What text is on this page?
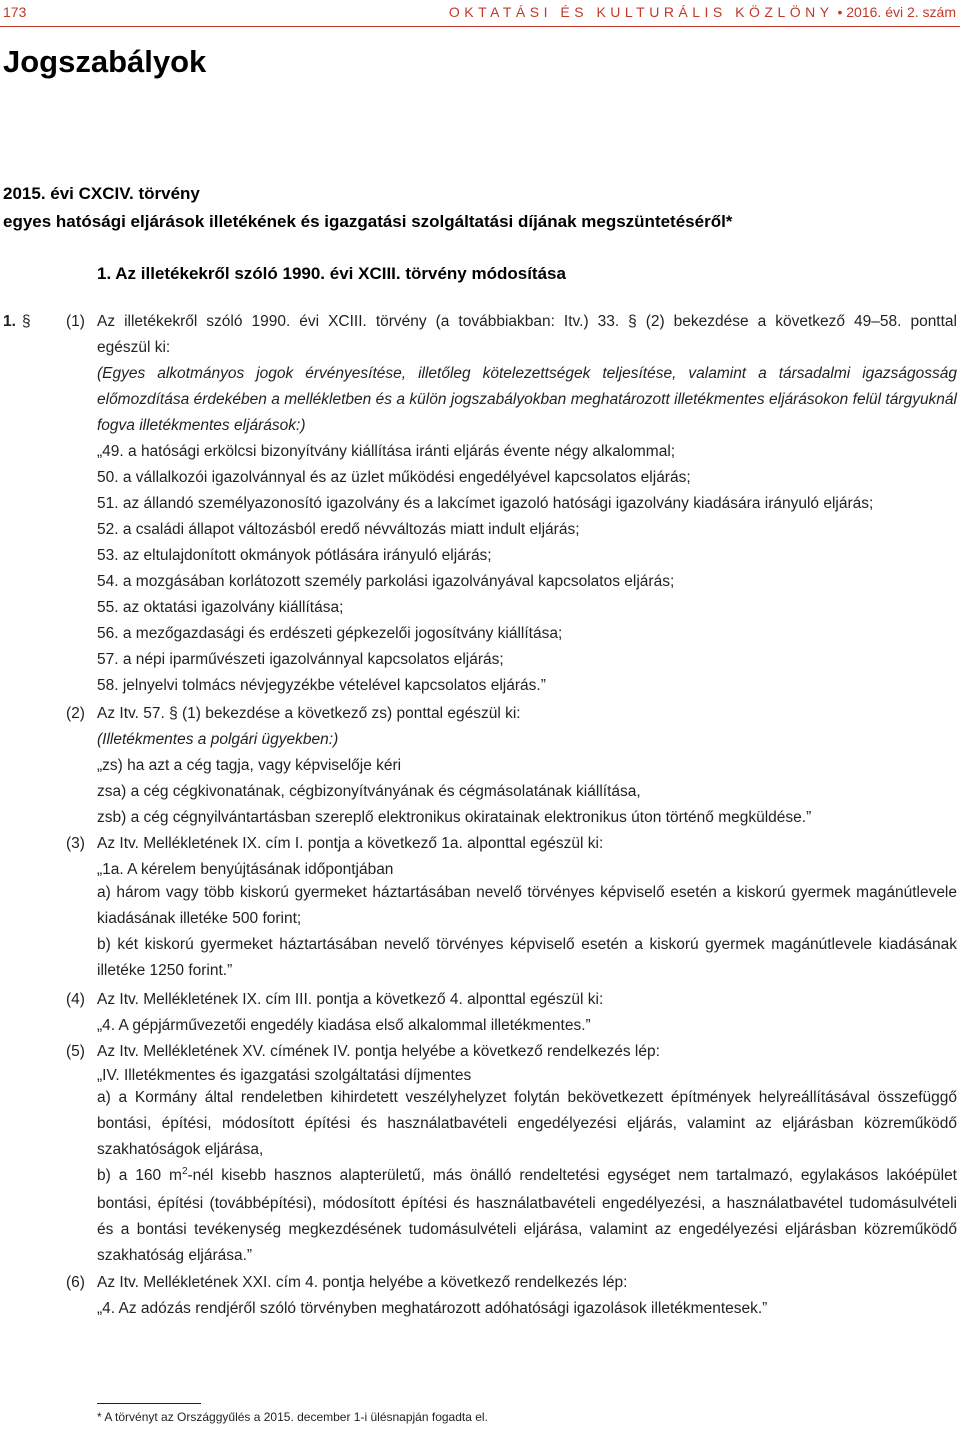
173	OKTATÁSI ÉS KULTURÁLIS KÖZLÖNY • 2016. évi 2. szám
Jogszabályok
2015. évi CXCIV. törvény
egyes hatósági eljárások illetékének és igazgatási szolgáltatási díjának megszüntetéséről*
1. Az illetékekről szóló 1990. évi XCIII. törvény módosítása
1. § (1) Az illetékekről szóló 1990. évi XCIII. törvény (a továbbiakban: Itv.) 33. § (2) bekezdése a következő 49–58. ponttal
egészül ki:
(Egyes alkotmányos jogok érvényesítése, illetőleg kötelezettségek teljesítése, valamint a társadalmi igazságosság előmozdítása érdekében a mellékletben és a külön jogszabályokban meghatározott illetékmentes eljárásokon felül tárgyuknál fogva illetékmentes eljárások:)
„49. a hatósági erkölcsi bizonyítvány kiállítása iránti eljárás évente négy alkalommal;
50. a vállalkozói igazolvánnyal és az üzlet működési engedélyével kapcsolatos eljárás;
51. az állandó személyazonosító igazolvány és a lakcímet igazoló hatósági igazolvány kiadására irányuló eljárás;
52. a családi állapot változásból eredő névváltozás miatt indult eljárás;
53. az eltulajdonított okmányok pótlására irányuló eljárás;
54. a mozgásában korlátozott személy parkolási igazolványával kapcsolatos eljárás;
55. az oktatási igazolvány kiállítása;
56. a mezőgazdasági és erdészeti gépkezelői jogosítvány kiállítása;
57. a népi iparművészeti igazolvánnyal kapcsolatos eljárás;
58. jelnyelvi tolmács névjegyzékbe vételével kapcsolatos eljárás.”
(2) Az Itv. 57. § (1) bekezdése a következő zs) ponttal egészül ki:
(Illetékmentes a polgári ügyekben:)
„zs) ha azt a cég tagja, vagy képviselője kéri
zsa) a cég cégkivonatának, cégbizonyítványának és cégmásolatának kiállítása,
zsb) a cég cégnyilvántartásban szereplő elektronikus okiratainak elektronikus úton történő megküldése.”
(3) Az Itv. Mellékletének IX. cím I. pontja a következő 1a. alponttal egészül ki:
„1a. A kérelem benyújtásának időpontjában
a) három vagy több kiskorú gyermeket háztartásában nevelő törvényes képviselő esetén a kiskorú gyermek magánútlevele kiadásának illetéke 500 forint;
b) két kiskorú gyermeket háztartásában nevelő törvényes képviselő esetén a kiskorú gyermek magánútlevele kiadásának illetéke 1250 forint.”
(4) Az Itv. Mellékletének IX. cím III. pontja a következő 4. alponttal egészül ki:
„4. A gépjárművezetői engedély kiadása első alkalommal illetékmentes.”
(5) Az Itv. Mellékletének XV. címének IV. pontja helyébe a következő rendelkezés lép:
„IV. Illetékmentes és igazgatási szolgáltatási díjmentes
a) a Kormány által rendeletben kihirdetett veszélyhelyzet folytán bekövetkezett építmények helyreállításával összefüggő bontási, építési, módosított építési és használatbavételi engedélyezési eljárás, valamint az eljárásban közreműködő szakhatóságok eljárása,
b) a 160 $m^2$-nél kisebb hasznos alapterületű, más önálló rendeltetési egységet nem tartalmazó, egylakásos lakóépület bontási, építési (továbbépítési), módosított építési és használatbavételi engedélyezési, a használatbavétel tudomásulvételi és a bontási tevékenység megkezdésének tudomásulvételi eljárása, valamint az engedélyezési eljárásban közreműködő szakhatóság eljárása.”
(6) Az Itv. Mellékletének XXI. cím 4. pontja helyébe a következő rendelkezés lép:
„4. Az adózás rendjéről szóló törvényben meghatározott adóhatósági igazolások illetékmentesek.”
* A törvényt az Országgyűlés a 2015. december 1-i ülésnapján fogadta el.
